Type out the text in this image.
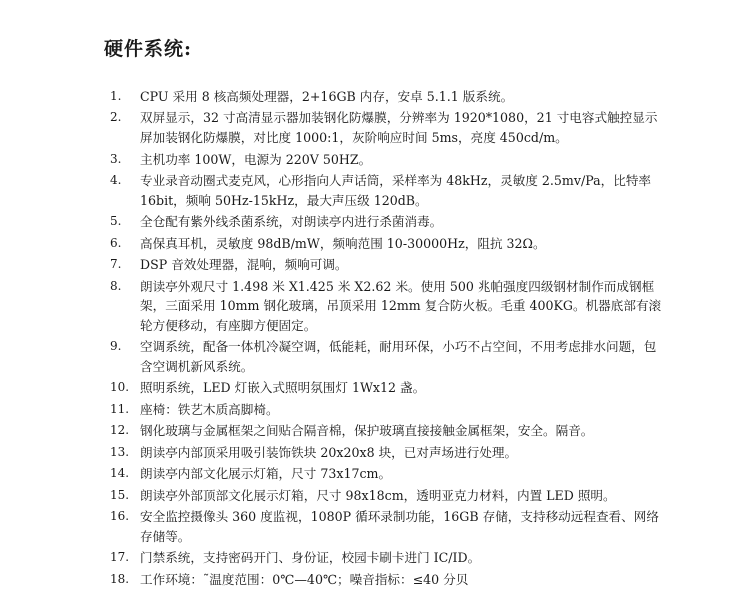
硬件系统:
1.	CPU 采用 8 核高频处理器，2+16GB 内存，安卓 5.1.1 版系统。
2.	双屏显示，32 寸高清显示器加装钢化防爆膜，分辨率为 1920*1080，21 寸电容式触控显示屏加装钢化防爆膜，对比度 1000:1，灰阶响应时间 5ms，亮度 450cd/m。
3.	主机功率 100W，电源为 220V 50HZ。
4.	专业录音动圈式麦克风，心形指向人声话筒，采样率为 48kHz，灵敏度 2.5mv/Pa，比特率 16bit，频响 50Hz-15kHz，最大声压级 120dB。
5.	全仓配有紫外线杀菌系统，对朗读亭内进行杀菌消毒。
6.	高保真耳机，灵敏度 98dB/mW，频响范围 10-30000Hz，阻抗 32Ω。
7.	DSP 音效处理器，混响，频响可调。
8.	朗读亭外观尺寸 1.498 米 X1.425 米 X2.62 米。使用 500 兆帕强度四级钢材制作而成钢框架，三面采用 10mm 钢化玻璃，吊顶采用 12mm 复合防火板。毛重 400KG。机器底部有滚轮方便移动，有座脚方便固定。
9.	空调系统，配备一体机冷凝空调，低能耗，耐用环保，小巧不占空间，不用考虑排水问题，包含空调机新风系统。
10. 照明系统，LED 灯嵌入式照明氛围灯 1Wx12 盏。
11. 座椅：铁艺木质高脚椅。
12. 钢化玻璃与金属框架之间贴合隔音棉，保护玻璃直接接触金属框架，安全。隔音。
13. 朗读亭内部顶采用吸引装饰铁块 20x20x8 块，已对声场进行处理。
14. 朗读亭内部文化展示灯箱，尺寸 73x17cm。
15. 朗读亭外部顶部文化展示灯箱，尺寸 98x18cm，透明亚克力材料，内置 LED 照明。
16. 安全监控摄像头 360 度监视，1080P 循环录制功能，16GB 存储，支持移动远程查看、网络存储等。
17. 门禁系统，支持密码开门、身份证，校园卡刷卡进门 IC/ID。
18. 工作环境：˜温度范围：0℃—40℃；噪音指标：≤40 分贝
